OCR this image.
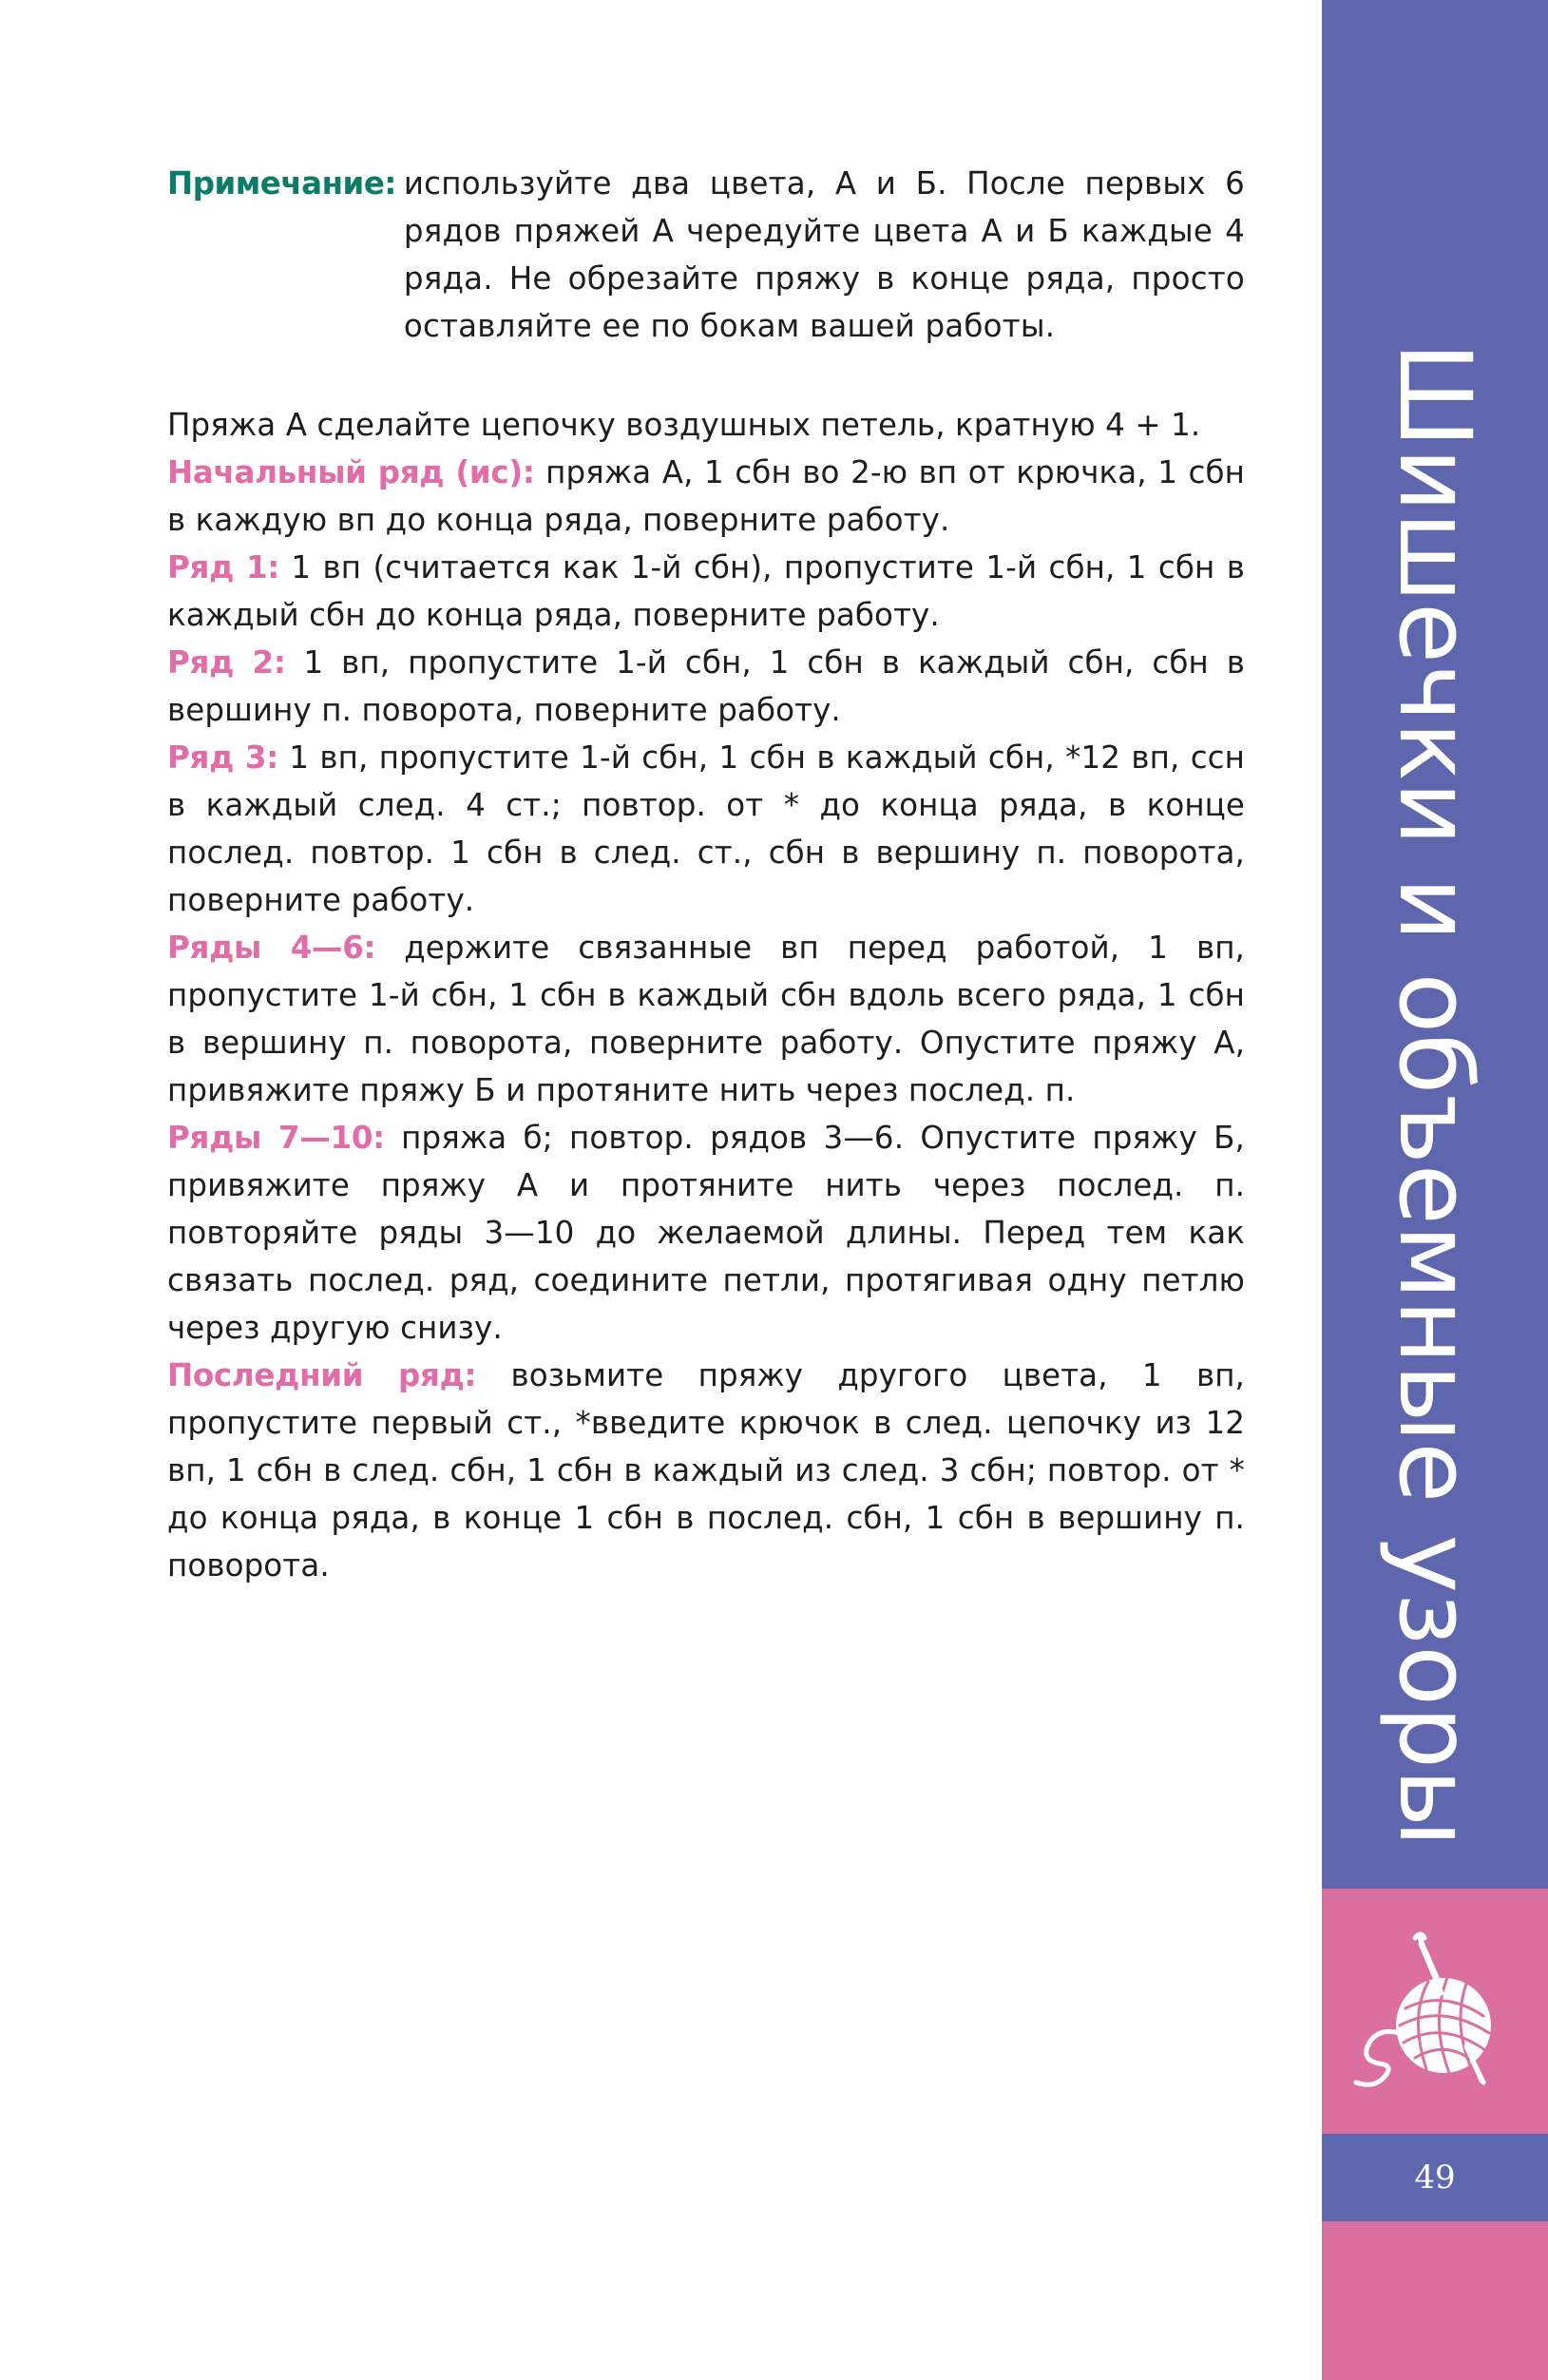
Примечание: используйте два цвета, А и Б. После первых 6 рядов пряжей А чередуйте цвета А и Б каждые 4 ряда. Не обрезайте пряжу в конце ряда, просто оставляйте ее по бокам вашей работы.

Пряжа А сделайте цепочку воздушных петель, кратную 4 + 1.

Начальный ряд (ис): пряжа А, 1 сбн во 2-ю вп от крючка, 1 сбн в каждую вп до конца ряда, поверните работу.

Ряд 1: 1 вп (считается как 1-й сбн), пропустите 1-й сбн, 1 сбн в каждый сбн до конца ряда, поверните работу.

Ряд 2: 1 вп, пропустите 1-й сбн, 1 сбн в каждый сбн, сбн в вершину п. поворота, поверните работу.

Ряд 3: 1 вп, пропустите 1-й сбн, 1 сбн в каждый сбн, *12 вп, ссн в каждый след. 4 ст.; повтор. от * до конца ряда, в конце послед. повтор. 1 сбн в след. ст., сбн в вершину п. поворота, поверните работу.

Ряды 4—6: держите связанные вп перед работой, 1 вп, пропустите 1-й сбн, 1 сбн в каждый сбн вдоль всего ряда, 1 сбн в вершину п. поворота, поверните работу. Опустите пряжу А, привяжите пряжу Б и протяните нить через послед. п.

Ряды 7—10: пряжа б; повтор. рядов 3—6. Опустите пряжу Б, привяжите пряжу А и протяните нить через послед. п. повторяйте ряды 3—10 до желаемой длины. Перед тем как связать послед. ряд, соедините петли, протягивая одну петлю через другую снизу.

Последний ряд: возьмите пряжу другого цвета, 1 вп, пропустите первый ст., *введите крючок в след. цепочку из 12 вп, 1 сбн в след. сбн, 1 сбн в каждый из след. 3 сбн; повтор. от * до конца ряда, в конце 1 сбн в послед. сбн, 1 сбн в вершину п. поворота.	Шишечки и объемные узоры
49
